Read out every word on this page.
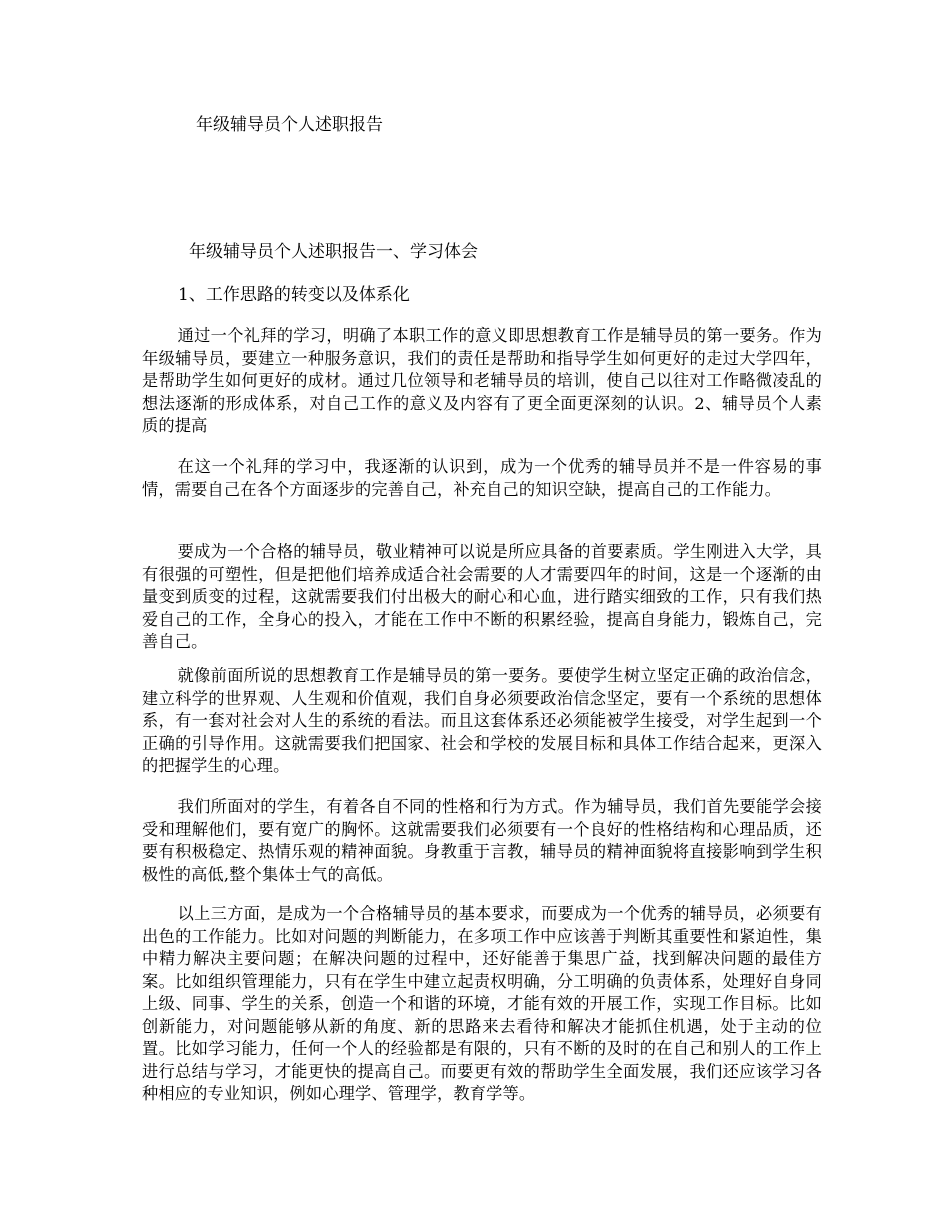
年级辅导员个人述职报告
年级辅导员个人述职报告一、学习体会
1、工作思路的转变以及体系化

通过一个礼拜的学习，明确了本职工作的意义即思想教育工作是辅导员的第一要务。作为年级辅导员，要建立一种服务意识，我们的责任是帮助和指导学生如何更好的走过大学四年，是帮助学生如何更好的成材。通过几位领导和老辅导员的培训，使自己以往对工作略微凌乱的想法逐渐的形成体系，对自己工作的意义及内容有了更全面更深刻的认识。2、辅导员个人素质的提高

在这一个礼拜的学习中，我逐渐的认识到，成为一个优秀的辅导员并不是一件容易的事情，需要自己在各个方面逐步的完善自己，补充自己的知识空缺，提高自己的工作能力。

要成为一个合格的辅导员，敬业精神可以说是所应具备的首要素质。学生刚进入大学，具有很强的可塑性，但是把他们培养成适合社会需要的人才需要四年的时间，这是一个逐渐的由量变到质变的过程，这就需要我们付出极大的耐心和心血，进行踏实细致的工作，只有我们热爱自己的工作，全身心的投入，才能在工作中不断的积累经验，提高自身能力，锻炼自己，完善自己。

就像前面所说的思想教育工作是辅导员的第一要务。要使学生树立坚定正确的政治信念，建立科学的世界观、人生观和价值观，我们自身必须要政治信念坚定，要有一个系统的思想体系，有一套对社会对人生的系统的看法。而且这套体系还必须能被学生接受，对学生起到一个正确的引导作用。这就需要我们把国家、社会和学校的发展目标和具体工作结合起来，更深入的把握学生的心理。

我们所面对的学生，有着各自不同的性格和行为方式。作为辅导员，我们首先要能学会接受和理解他们，要有宽广的胸怀。这就需要我们必须要有一个良好的性格结构和心理品质，还要有积极稳定、热情乐观的精神面貌。身教重于言教，辅导员的精神面貌将直接影响到学生积极性的高低,整个集体士气的高低。

以上三方面，是成为一个合格辅导员的基本要求，而要成为一个优秀的辅导员，必须要有出色的工作能力。比如对问题的判断能力，在多项工作中应该善于判断其重要性和紧迫性，集中精力解决主要问题；在解决问题的过程中，还好能善于集思广益，找到解决问题的最佳方案。比如组织管理能力，只有在学生中建立起责权明确，分工明确的负责体系，处理好自身同上级、同事、学生的关系，创造一个和谐的环境，才能有效的开展工作，实现工作目标。比如创新能力，对问题能够从新的角度、新的思路来去看待和解决才能抓住机遇，处于主动的位置。比如学习能力，任何一个人的经验都是有限的，只有不断的及时的在自己和别人的工作上进行总结与学习，才能更快的提高自己。而要更有效的帮助学生全面发展，我们还应该学习各种相应的专业知识，例如心理学、管理学，教育学等。
